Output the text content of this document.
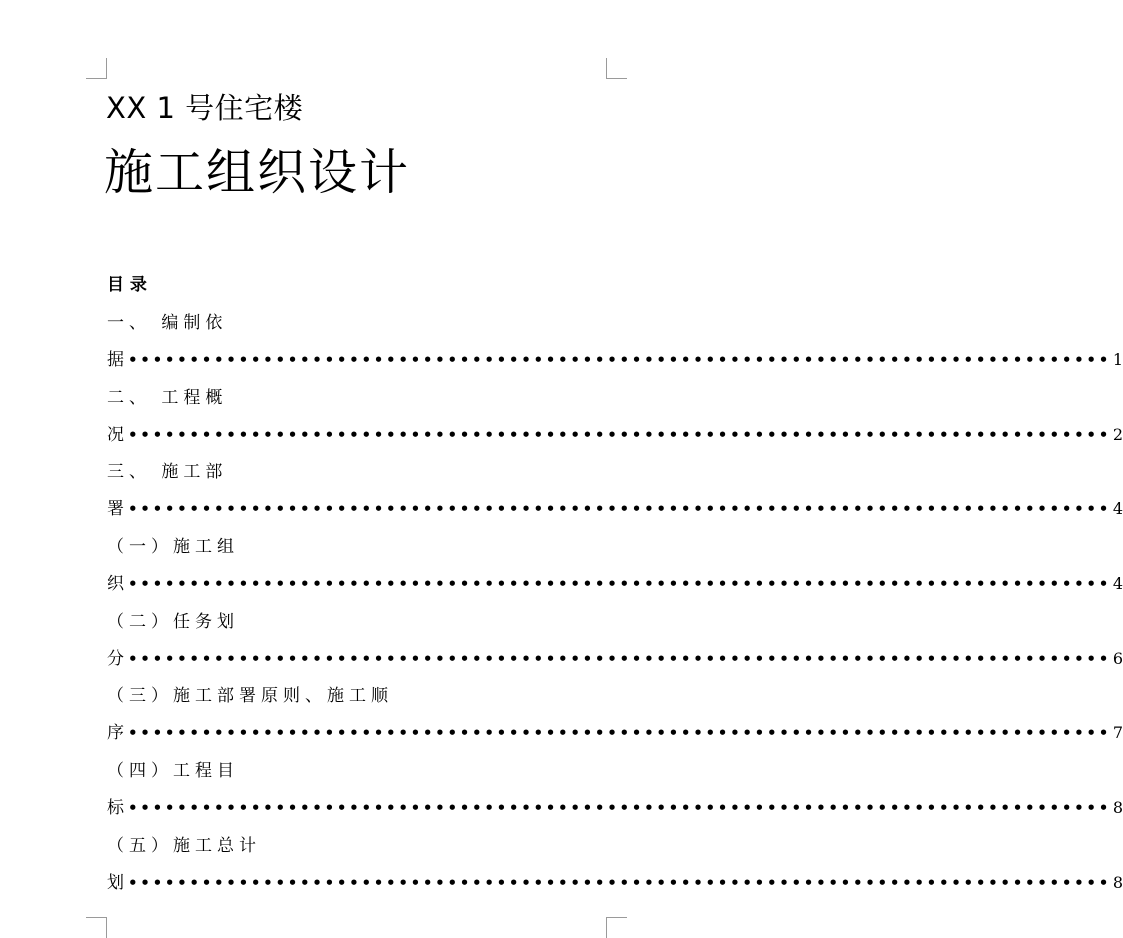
XX 1 号住宅楼
施工组织设计
目 录
一、 编制依
据 •••••••••••••••••••••••••••••••••••••••••••••••••••••••••••••••••••••••••••••••• 1
二、 工程概
况 •••••••••••••••••••••••••••••••••••••••••••••••••••••••••••••••••••••••••••••••• 2
三、 施工部
署 •••••••••••••••••••••••••••••••••••••••••••••••••••••••••••••••••••••••••••••••• 4
（一）施工组
织 •••••••••••••••••••••••••••••••••••••••••••••••••••••••••••••••••••••••••••••••• 4
（二）任务划
分 •••••••••••••••••••••••••••••••••••••••••••••••••••••••••••••••••••••••••••••••• 6
（三）施工部署原则、施工顺
序 •••••••••••••••••••••••••••••••••••••••••••••••••••••••••••••••••••••••••••••••• 7
（四）工程目
标 •••••••••••••••••••••••••••••••••••••••••••••••••••••••••••••••••••••••••••••••• 8
（五）施工总计
划 •••••••••••••••••••••••••••••••••••••••••••••••••••••••••••••••••••••••••••••••• 8
